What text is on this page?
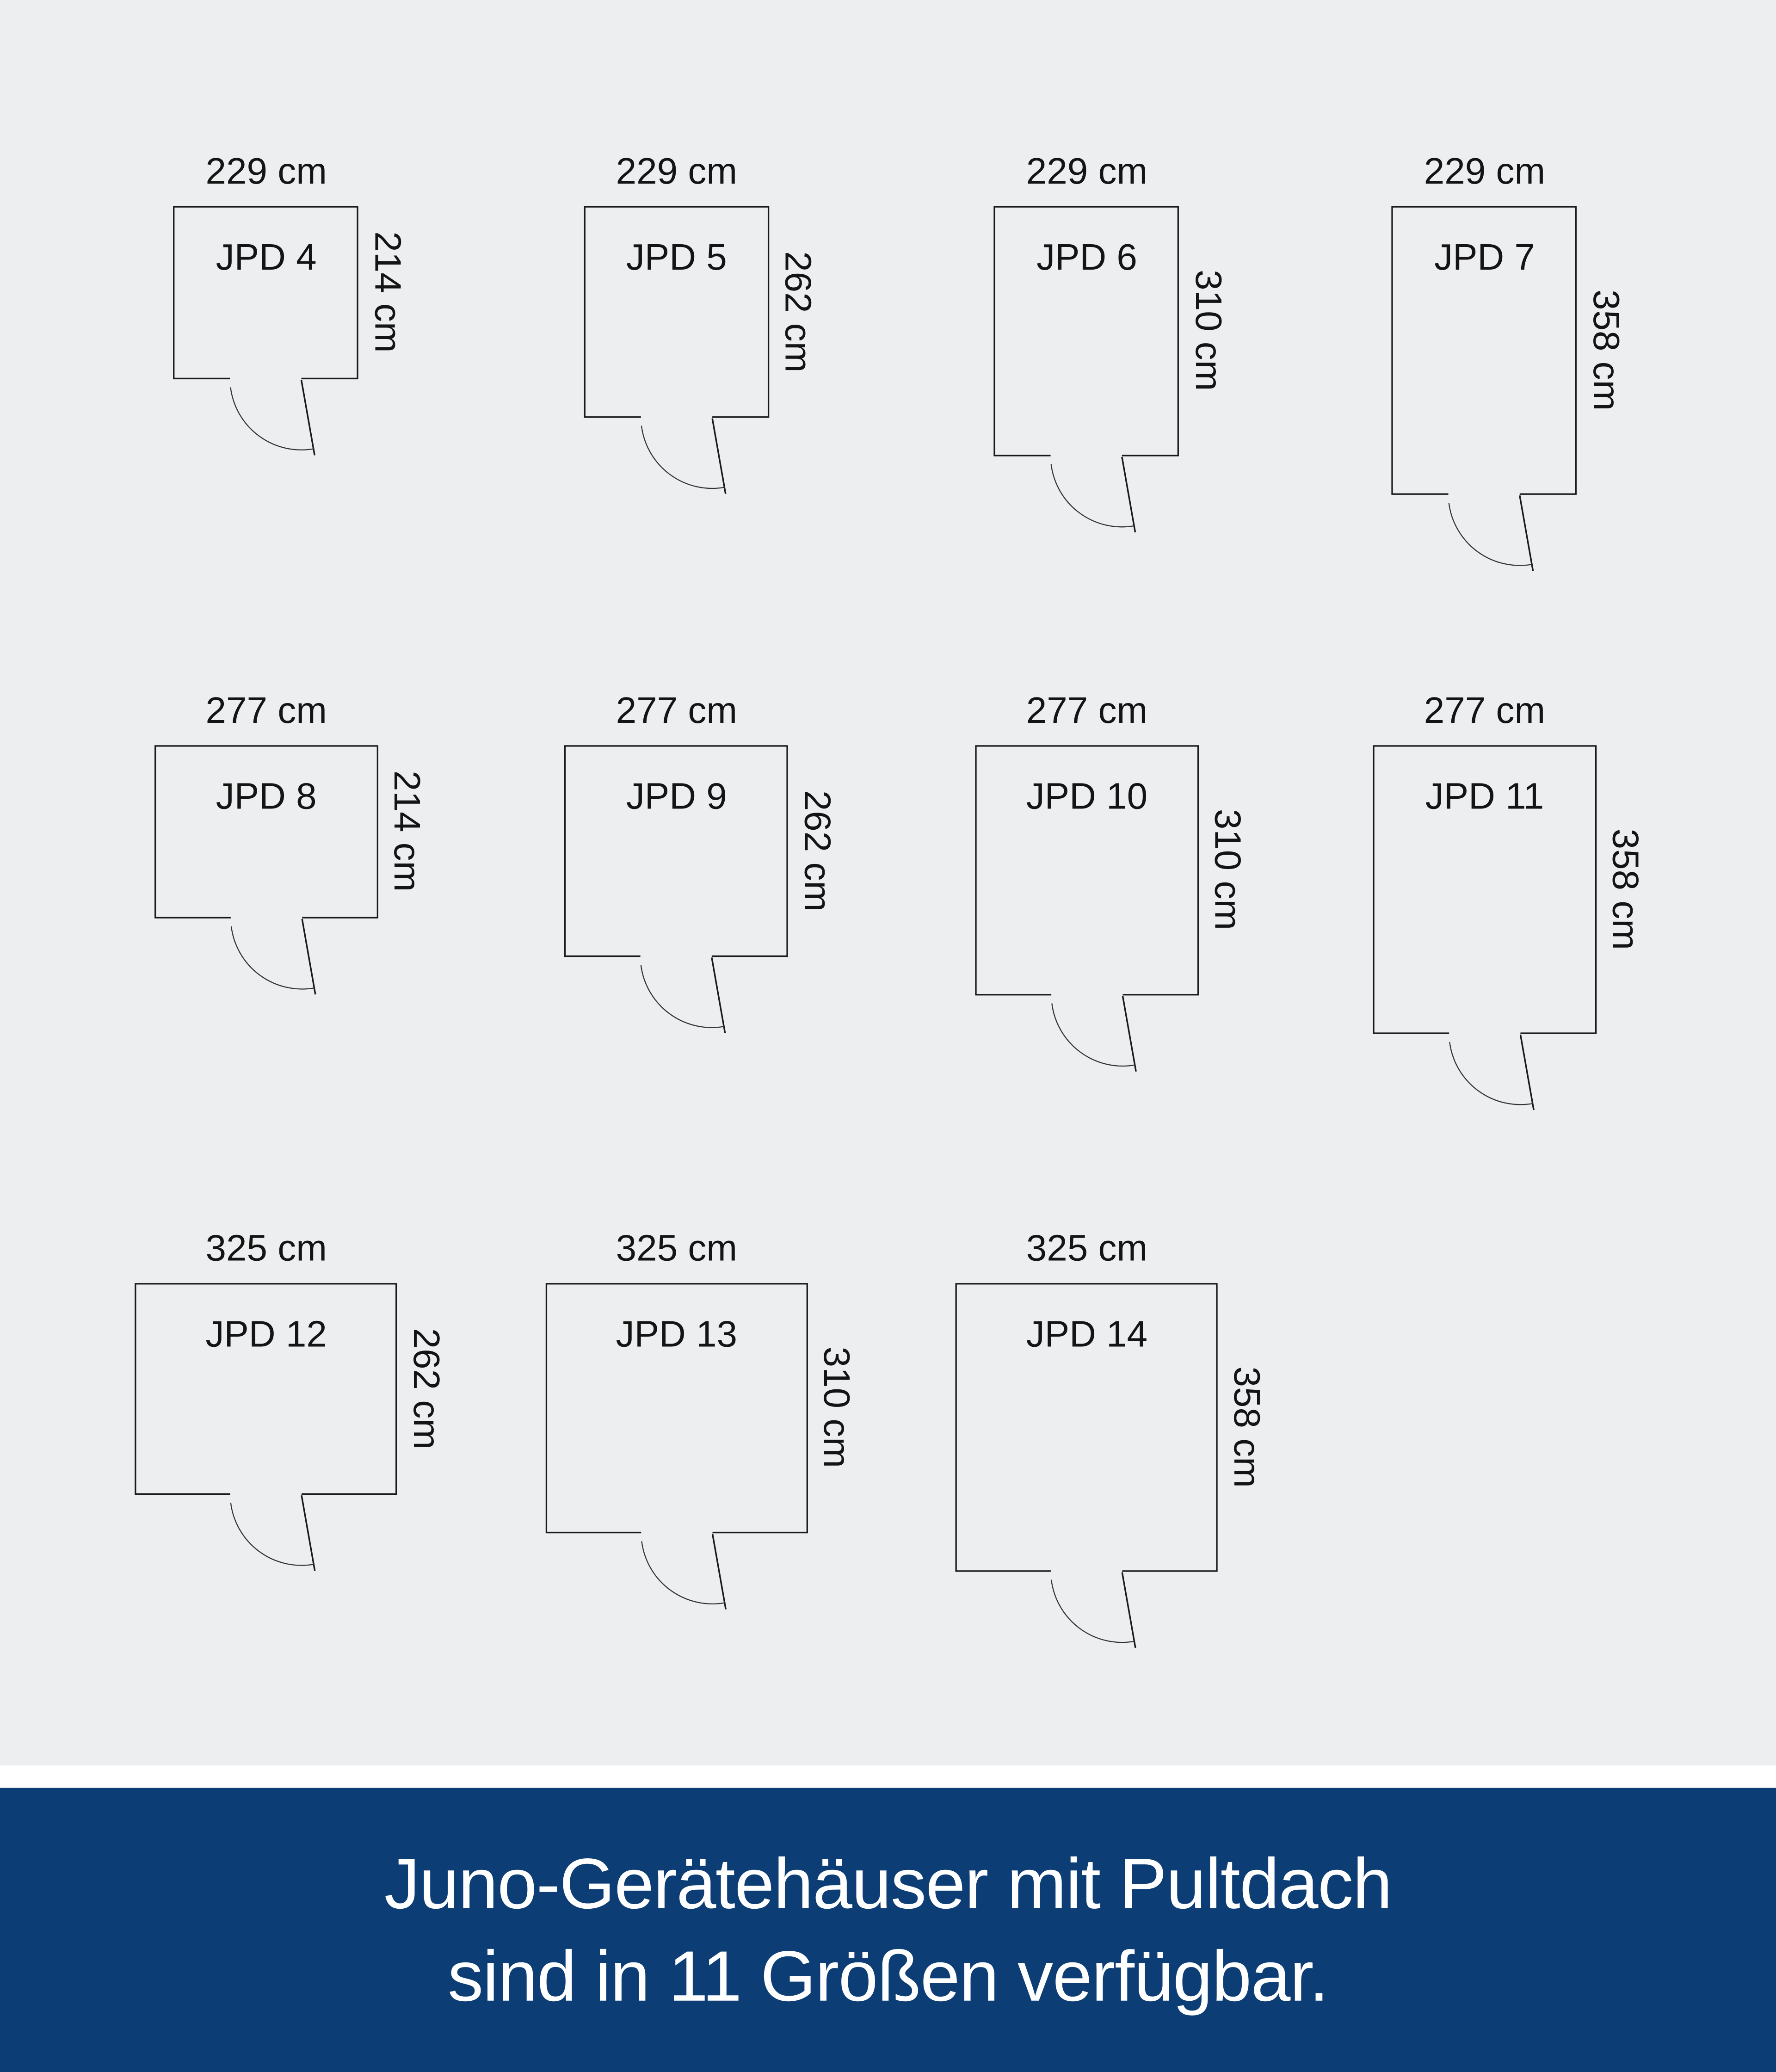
229 cm
214 cm
JPD 4
229 cm
262 cm
JPD 5
229 cm
310 cm
JPD 6
229 cm
358 cm
JPD 7
277 cm
214 cm
JPD 8
277 cm
262 cm
JPD 9
277 cm
310 cm
JPD 10
277 cm
358 cm
JPD 11
325 cm
262 cm
JPD 12
325 cm
310 cm
JPD 13
325 cm
358 cm
JPD 14
Juno-Gerätehäuser mit Pultdach
sind in 11 Größen verfügbar.
